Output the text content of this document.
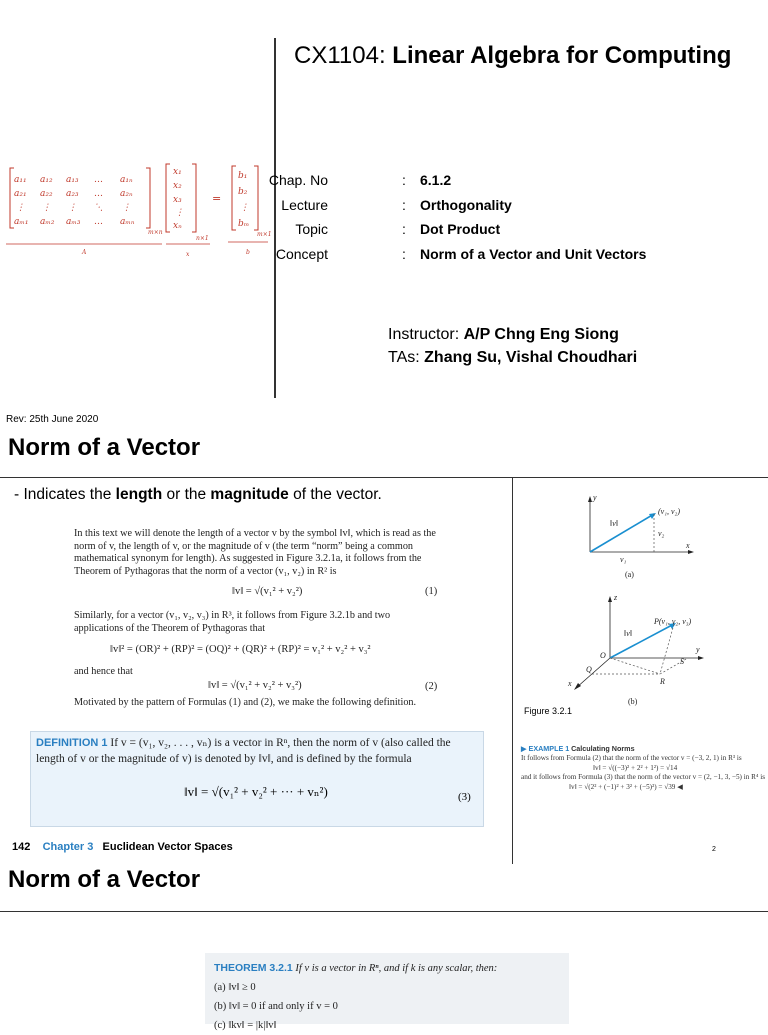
CX1104: Linear Algebra for Computing
a₁₁ a₁₂ a₁₃ … a₁ₙ
a₂₁ a₂₂ a₂₃ … a₂ₙ
⋮ ⋮ ⋮ ⋱ ⋮
aₘ₁ aₘ₂ aₘ₃ … aₘₙ
m×n
x₁
x₂
x₃
⋮
xₙ
n×1
b₁
b₂
⋮
bₘ
m×1
A	x	b
=
Chap. No	: 6.1.2
Lecture	: Orthogonality
Topic	: Dot Product
Concept	: Norm of a Vector and Unit Vectors
Instructor: A/P Chng Eng Siong
TAs: Zhang Su, Vishal Choudhari
Rev: 25th June 2020
Norm of a Vector
- Indicates the length or the magnitude of the vector.
In this text we will denote the length of a vector v by the symbol ‖v‖, which is read as the norm of v, the length of v, or the magnitude of v (the term “norm” being a common mathematical synonym for length). As suggested in Figure 3.2.1a, it follows from the Theorem of Pythagoras that the norm of a vector (v₁, v₂) in R² is
‖v‖ = √(v₁² + v₂²)	(1)
Similarly, for a vector (v₁, v₂, v₃) in R³, it follows from Figure 3.2.1b and two applications of the Theorem of Pythagoras that
‖v‖² = (OR)² + (RP)² = (OQ)² + (QR)² + (RP)² = v₁² + v₂² + v₃²
and hence that
‖v‖ = √(v₁² + v₂² + v₃²)	(2)
Motivated by the pattern of Formulas (1) and (2), we make the following definition.
DEFINITION 1 If v = (v₁, v₂, . . . , vₙ) is a vector in Rⁿ, then the norm of v (also called the length of v or the magnitude of v) is denoted by ‖v‖, and is defined by the formula
‖v‖ = √(v₁² + v₂² + ··· + vₙ²)	(3)
142 Chapter 3 Euclidean Vector Spaces
y
x
(v₁, v₂)
‖v‖
v₂
v₁
(a)
z
y
x
P(v₁, v₂, v₃)
‖v‖
O
Q
R
S
(b)
Figure 3.2.1
▶ EXAMPLE 1 Calculating Norms
It follows from Formula (2) that the norm of the vector v = (−3, 2, 1) in R³ is
‖v‖ = √((−3)² + 2² + 1²) = √14
and it follows from Formula (3) that the norm of the vector v = (2, −1, 3, −5) in R⁴ is
‖v‖ = √(2² + (−1)² + 3² + (−5)²) = √39 ◀
2
Norm of a Vector
THEOREM 3.2.1 If v is a vector in Rⁿ, and if k is any scalar, then:
(a) ‖v‖ ≥ 0
(b) ‖v‖ = 0 if and only if v = 0
(c) ‖kv‖ = |k|‖v‖
